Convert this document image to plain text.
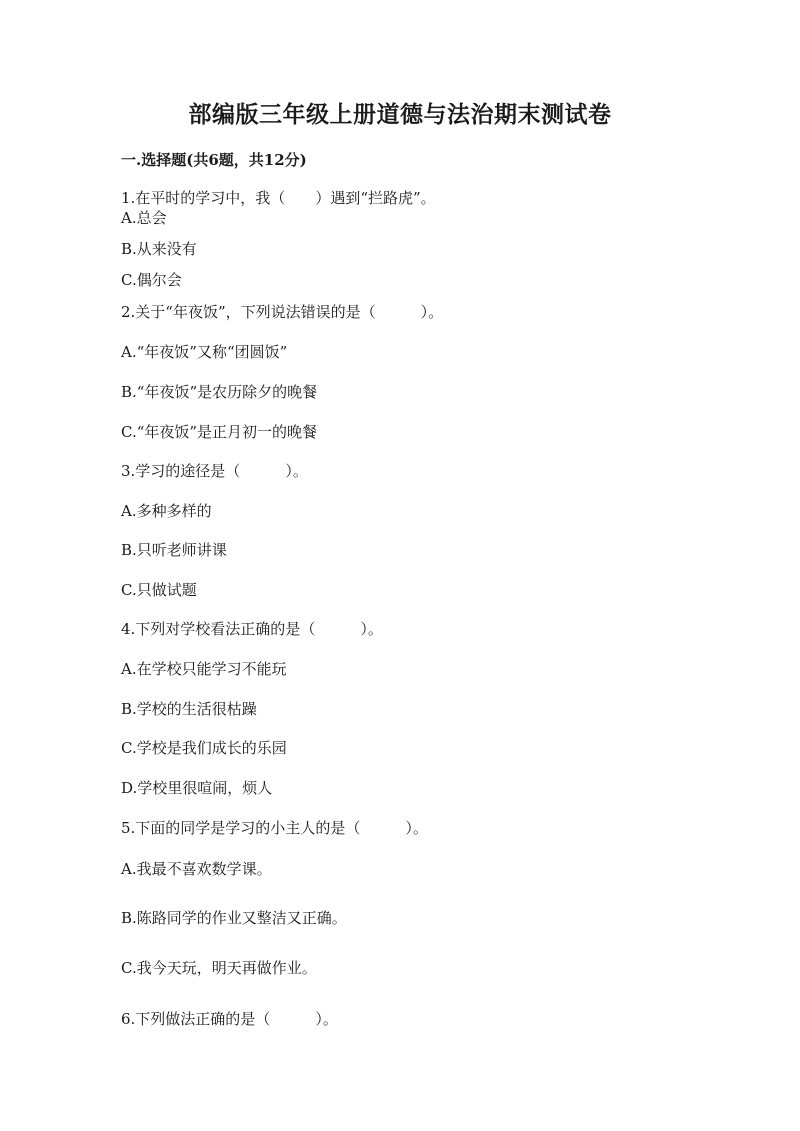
部编版三年级上册道德与法治期末测试卷
一.选择题(共6题，共12分)
1.在平时的学习中，我（　　）遇到“拦路虎”。
A.总会
B.从来没有
C.偶尔会
2.关于“年夜饭”，下列说法错误的是（　　　）。
A.“年夜饭”又称“团圆饭”
B.“年夜饭”是农历除夕的晚餐
C.“年夜饭”是正月初一的晚餐
3.学习的途径是（　　　）。
A.多种多样的
B.只听老师讲课
C.只做试题
4.下列对学校看法正确的是（　　　）。
A.在学校只能学习不能玩
B.学校的生活很枯躁
C.学校是我们成长的乐园
D.学校里很喧闹，烦人
5.下面的同学是学习的小主人的是（　　　）。
A.我最不喜欢数学课。
B.陈路同学的作业又整洁又正确。
C.我今天玩，明天再做作业。
6.下列做法正确的是（　　　）。
